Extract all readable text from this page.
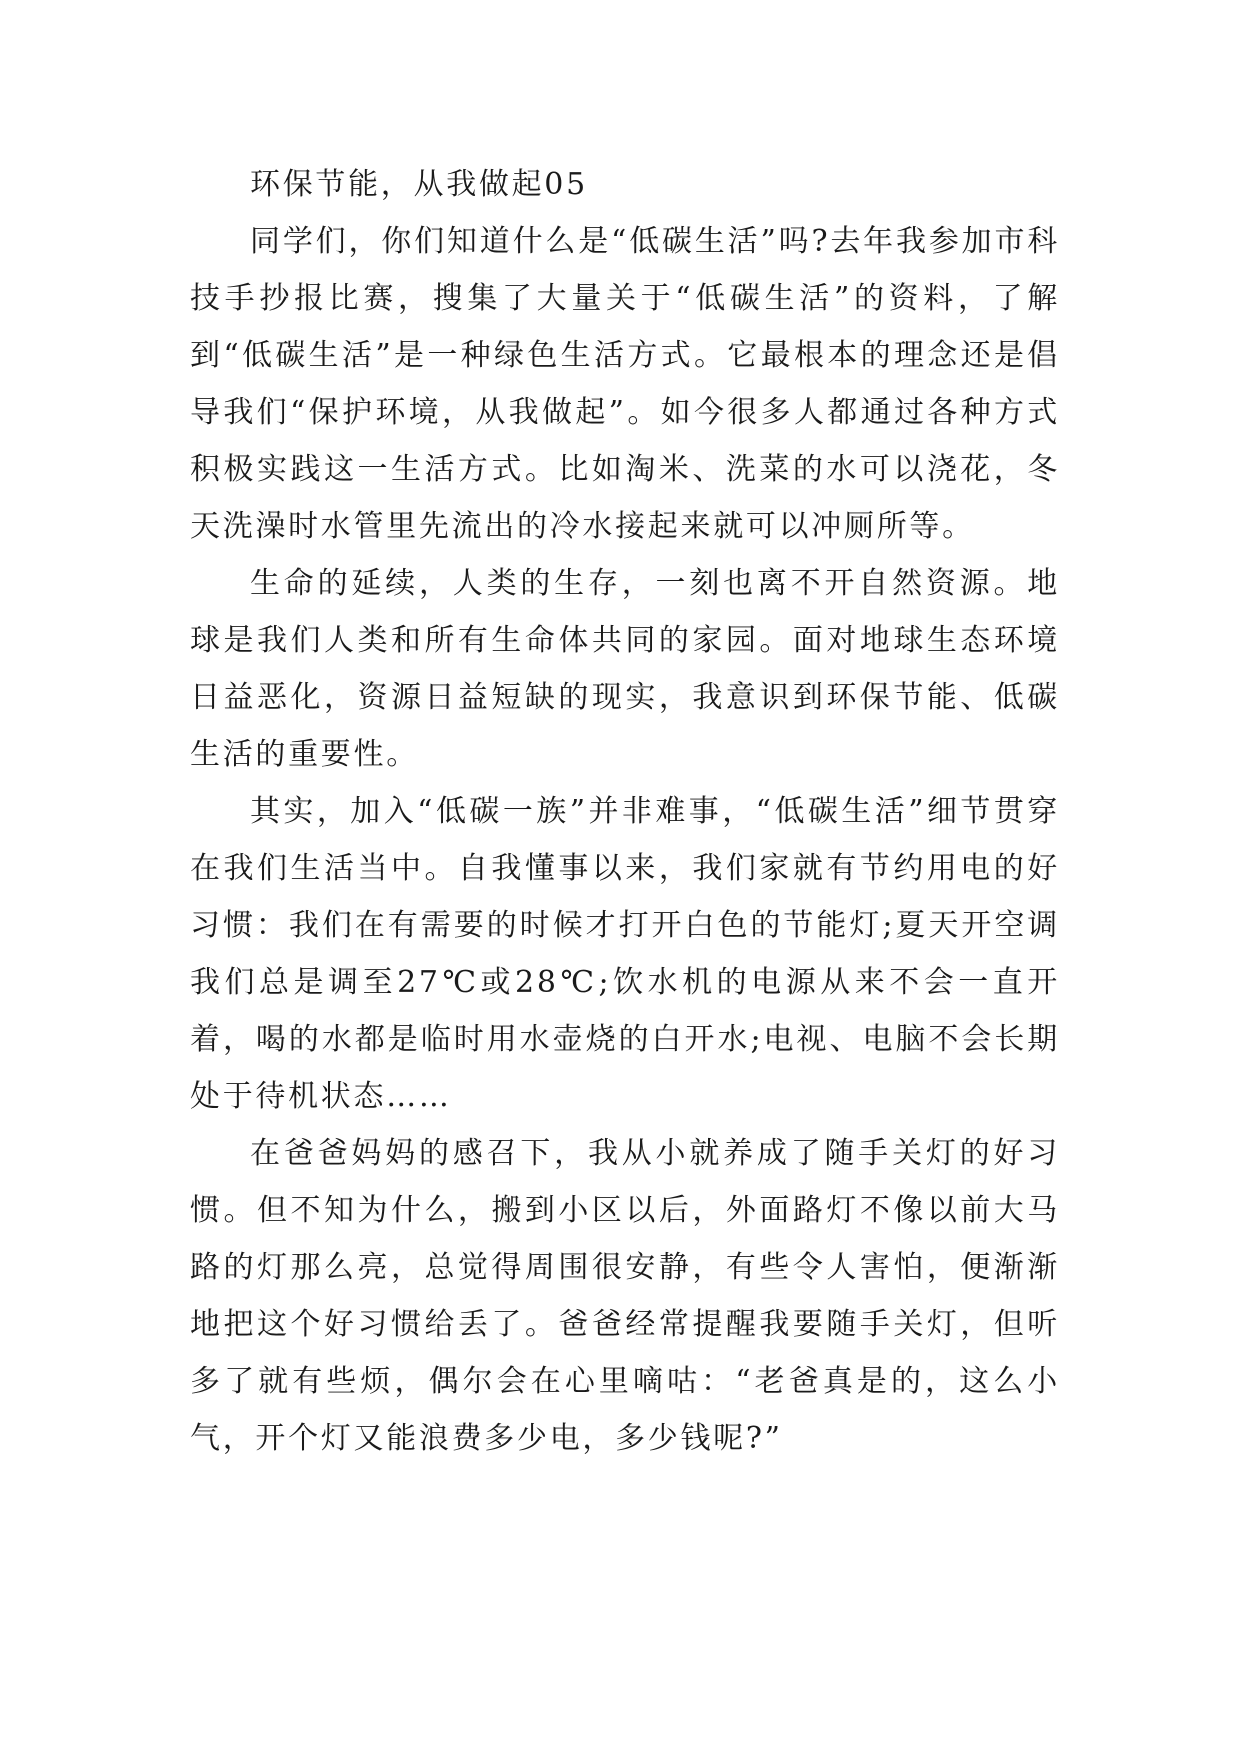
环保节能，从我做起05

同学们，你们知道什么是“低碳生活”吗?去年我参加市科技手抄报比赛，搜集了大量关于“低碳生活”的资料，了解到“低碳生活”是一种绿色生活方式。它最根本的理念还是倡导我们“保护环境，从我做起”。如今很多人都通过各种方式积极实践这一生活方式。比如淘米、洗菜的水可以浇花，冬天洗澡时水管里先流出的冷水接起来就可以冲厕所等。

生命的延续，人类的生存，一刻也离不开自然资源。地球是我们人类和所有生命体共同的家园。面对地球生态环境日益恶化，资源日益短缺的现实，我意识到环保节能、低碳生活的重要性。

其实，加入“低碳一族”并非难事，“低碳生活”细节贯穿在我们生活当中。自我懂事以来，我们家就有节约用电的好习惯：我们在有需要的时候才打开白色的节能灯;夏天开空调我们总是调至27℃或28℃;饮水机的电源从来不会一直开着，喝的水都是临时用水壶烧的白开水;电视、电脑不会长期处于待机状态……

在爸爸妈妈的感召下，我从小就养成了随手关灯的好习惯。但不知为什么，搬到小区以后，外面路灯不像以前大马路的灯那么亮，总觉得周围很安静，有些令人害怕，便渐渐地把这个好习惯给丢了。爸爸经常提醒我要随手关灯，但听多了就有些烦，偶尔会在心里嘀咕：“老爸真是的，这么小气，开个灯又能浪费多少电，多少钱呢?”
